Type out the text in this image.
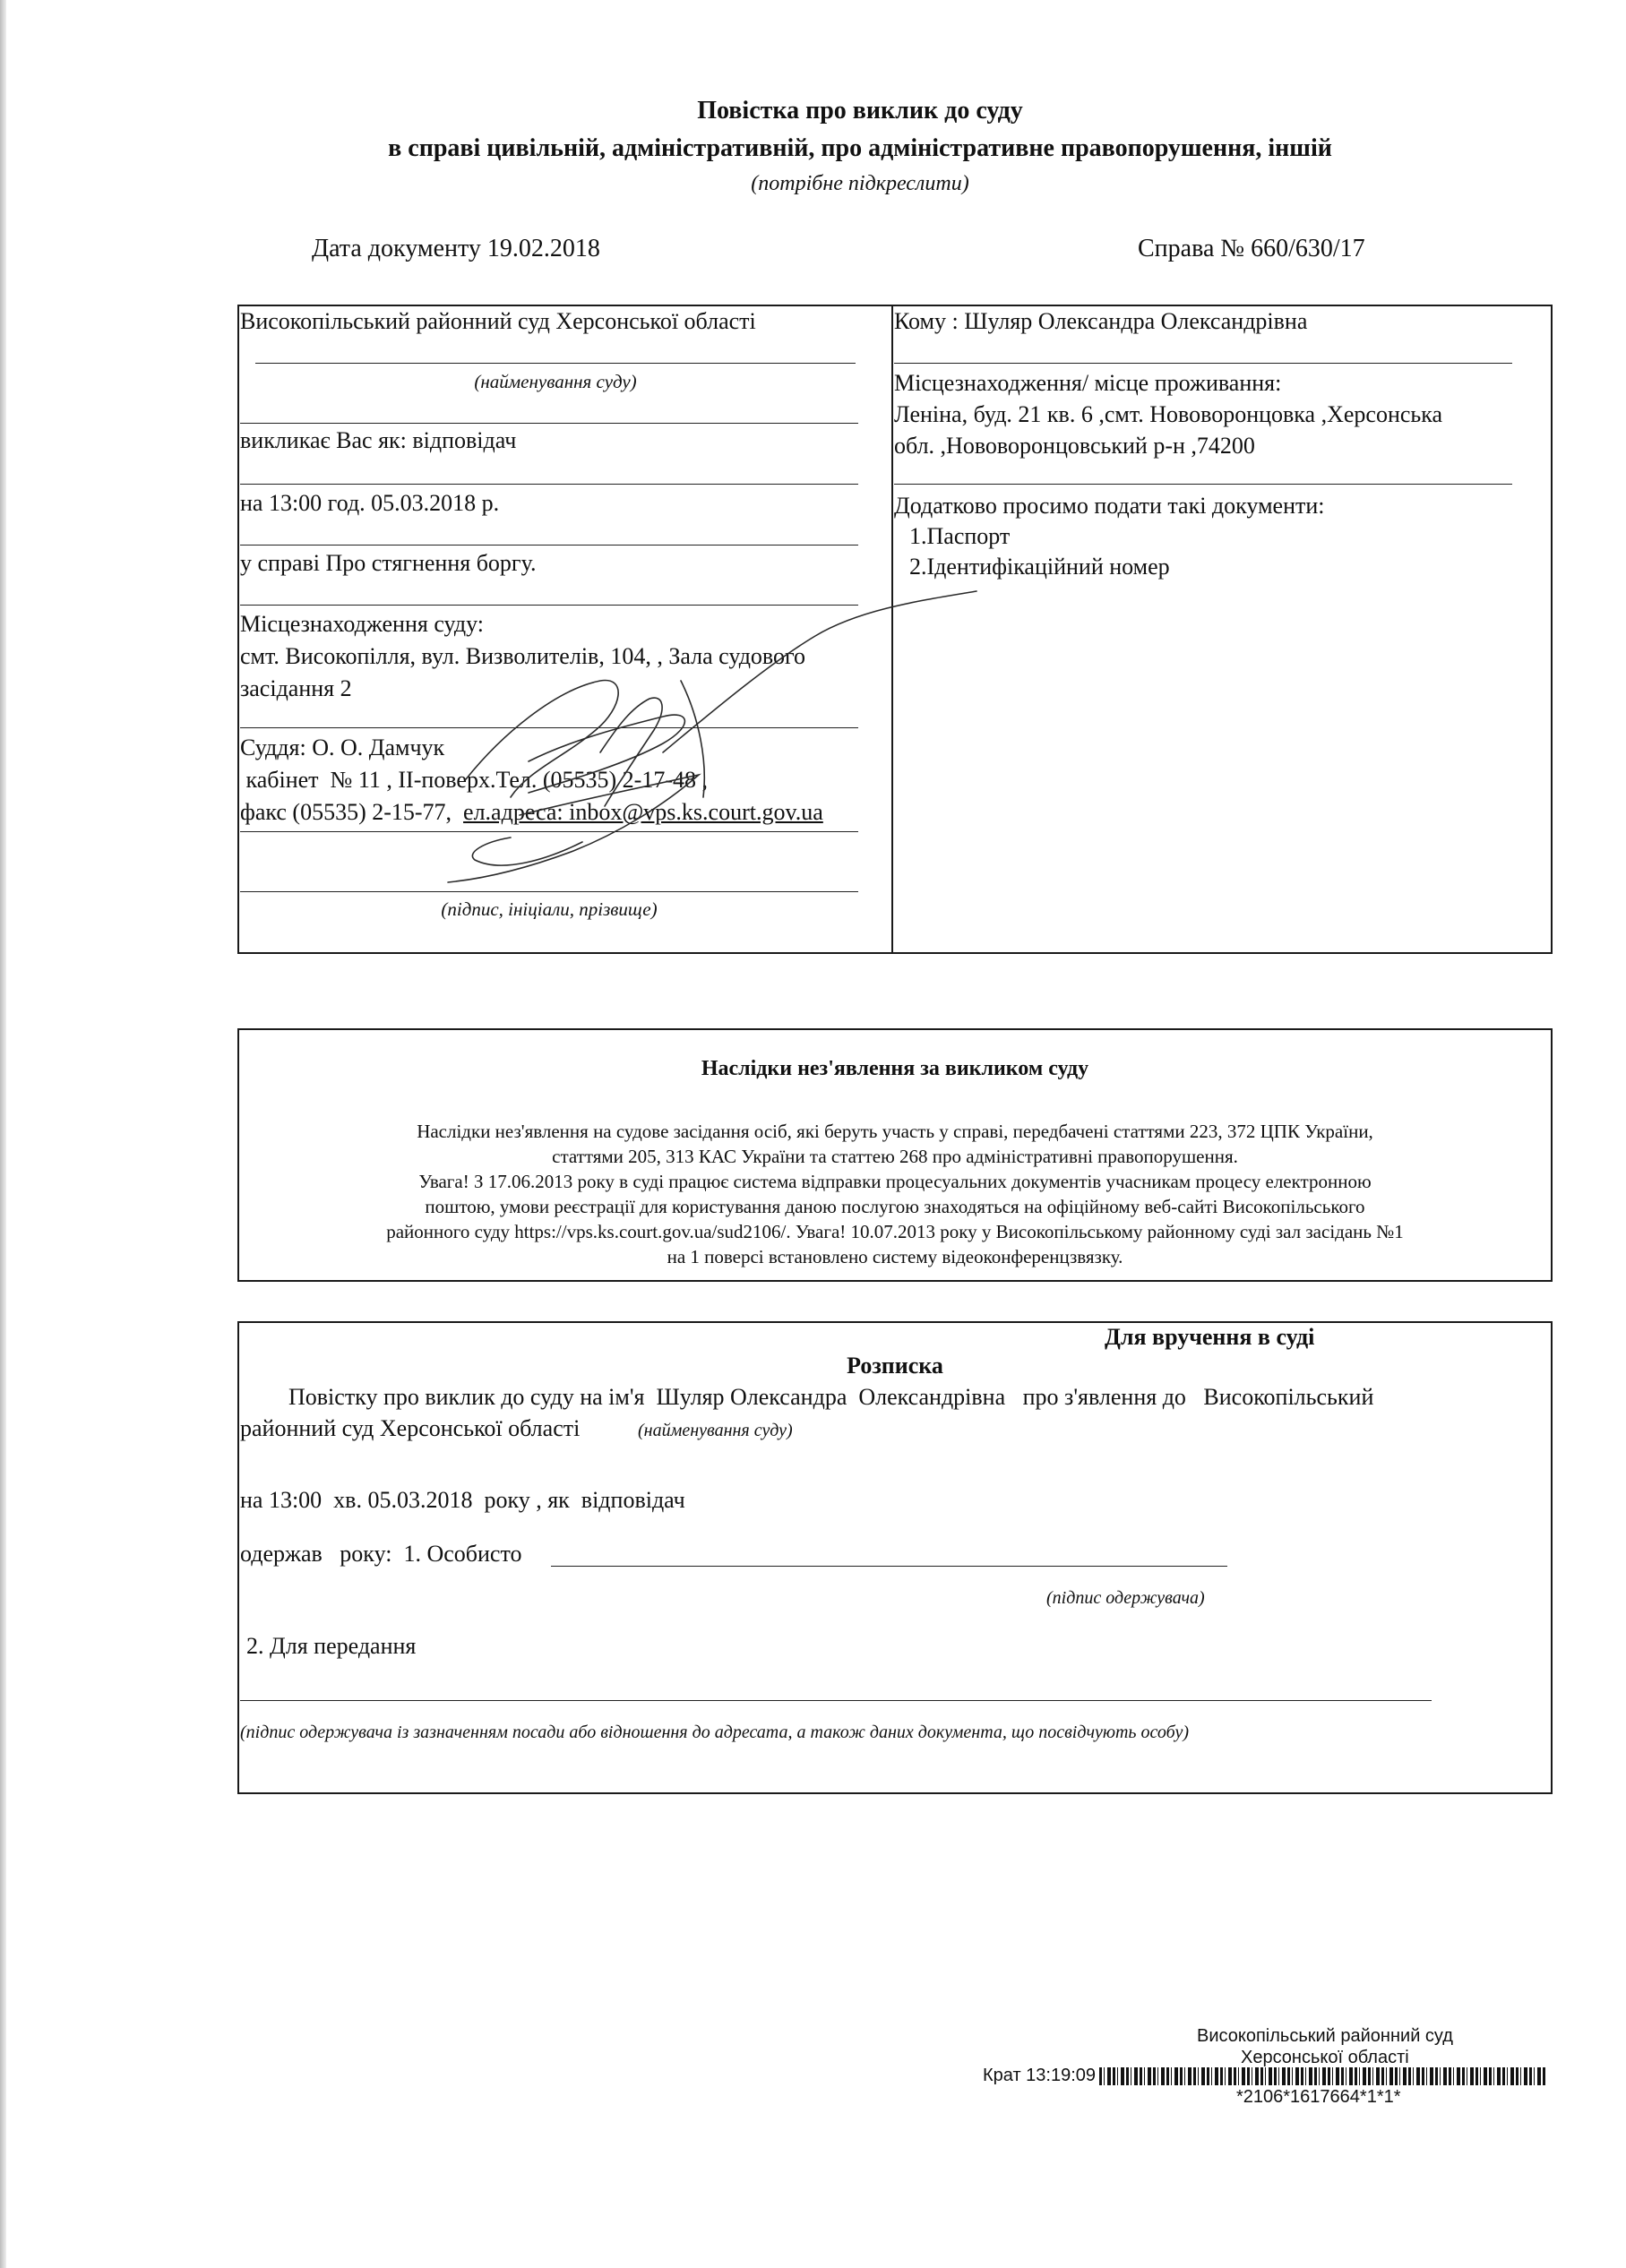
Повістка про виклик до суду
в справі цивільній, адміністративній, про адміністративне правопорушення, іншій
(потрібне підкреслити)
Дата документу 19.02.2018	Справа № 660/630/17
Високопільський районний суд Херсонської області
(найменування суду)
викликає Вас як: відповідач
на 13:00 год. 05.03.2018 р.
у справі Про стягнення боргу.
Місцезнаходження суду:
смт. Високопілля, вул. Визволителів, 104, , Зала судового
засідання 2
Суддя: О. О. Дамчук
кабінет  № 11 , ІІ-поверх.Тел. (05535) 2-17-48 ,
факс (05535) 2-15-77,  ел.адреса: inbox@vps.ks.court.gov.ua
(підпис, ініціали, прізвище)
Кому : Шуляр Олександра Олександрівна
Місцезнаходження/ місце проживання:
Леніна, буд. 21 кв. 6 ,смт. Нововоронцовка ,Херсонська
обл. ,Нововоронцовський р-н ,74200
Додатково просимо подати такі документи:
1.Паспорт
2.Ідентифікаційний номер
Наслідки нез'явлення за викликом суду
Наслідки нез'явлення на судове засідання осіб, які беруть участь у справі, передбачені статтями 223, 372 ЦПК України,
статтями 205, 313 КАС України та статтею 268 про адміністративні правопорушення.
Увага! З 17.06.2013 року в суді працює система відправки процесуальних документів учасникам процесу електронною
поштою, умови реєстрації для користування даною послугою знаходяться на офіційному веб-сайті Високопільського
районного суду https://vps.ks.court.gov.ua/sud2106/. Увага! 10.07.2013 року у Високопільському районному суді зал засідань №1
на 1 поверсі встановлено систему відеоконференцзвязку.
Для вручення в суді
Розписка
Повістку про виклик до суду на ім'я  Шуляр Олександра  Олександрівна   про з'явлення до   Високопільський
районний суд Херсонської області	(найменування суду)
на 13:00  хв. 05.03.2018  року , як  відповідач
одержав   року:  1. Особисто
(підпис одержувача)
2. Для передання
(підпис одержувача із зазначенням посади або відношення до адресата, а також даних документа, що посвідчують особу)
Високопільський районний суд
Херсонської області
Крат 13:19:09
*2106*1617664*1*1*
